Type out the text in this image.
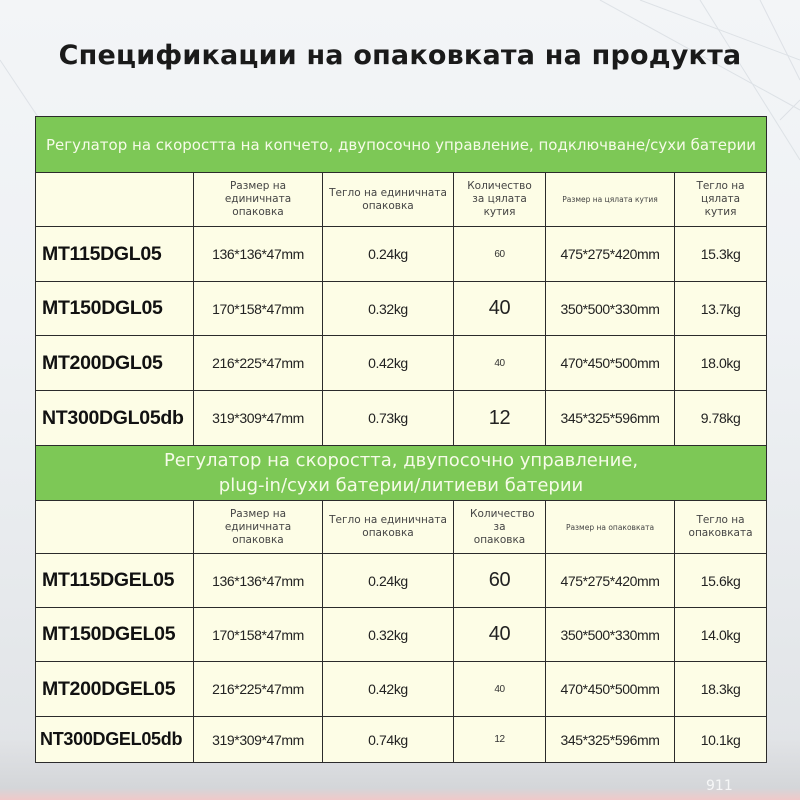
Спецификации на опаковката на продукта
Регулатор на скоростта на копчето, двупосочно управление, подключване/сухи батерии					
	Размер на единичната опаковка	Тегло на единичната опаковка	Количество за цялата кутия	Размер на цялата кутия	Тегло на цялата кутия
MT115DGL05	136*136*47mm	0.24kg	60	475*275*420mm	15.3kg
MT150DGL05	170*158*47mm	0.32kg	40	350*500*330mm	13.7kg
MT200DGL05	216*225*47mm	0.42kg	40	470*450*500mm	18.0kg
NT300DGL05db	319*309*47mm	0.73kg	12	345*325*596mm	9.78kg

Регулатор на скоростта, двупосочно управление,
plug-in/сухи батерии/литиеви батерии					

	Размер на единичната опаковка	Тегло на единичната опаковка	Количество за опаковка	Размер на опаковката	Тегло на опаковката
MT115DGEL05	136*136*47mm	0.24kg	60	475*275*420mm	15.6kg
MT150DGEL05	170*158*47mm	0.32kg	40	350*500*330mm	14.0kg
MT200DGEL05	216*225*47mm	0.42kg	40	470*450*500mm	18.3kg
NT300DGEL05db	319*309*47mm	0.74kg	12	345*325*596mm	10.1kg
911
